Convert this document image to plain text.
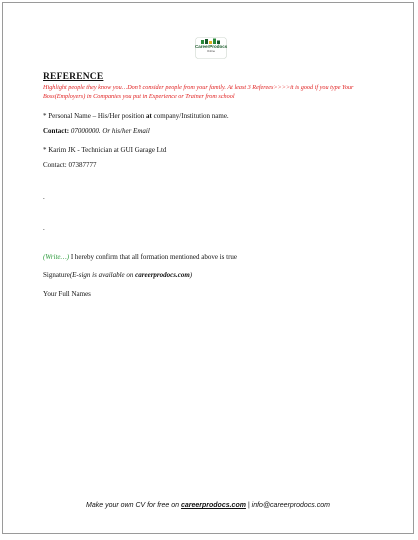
CareerProdocs
Online
REFERENCE
Highlight people they know you…Don’t consider people from your family. At least 3 Referees>>>>it is good if you type Your Boss(Employers) in Companies you put in Experience or Trainer from school
* Personal Name – His/Her position at company/Institution name.
Contact: 07000000. Or his/her Email
* Karim JK - Technician at GUI Garage Ltd
Contact: 07387777
.
.
(Write…) I hereby confirm that all formation mentioned above is true
Signature(E-sign is available on careerprodocs.com)
Your Full Names
Make your own CV for free on careerprodocs.com | info@careerprodocs.com
